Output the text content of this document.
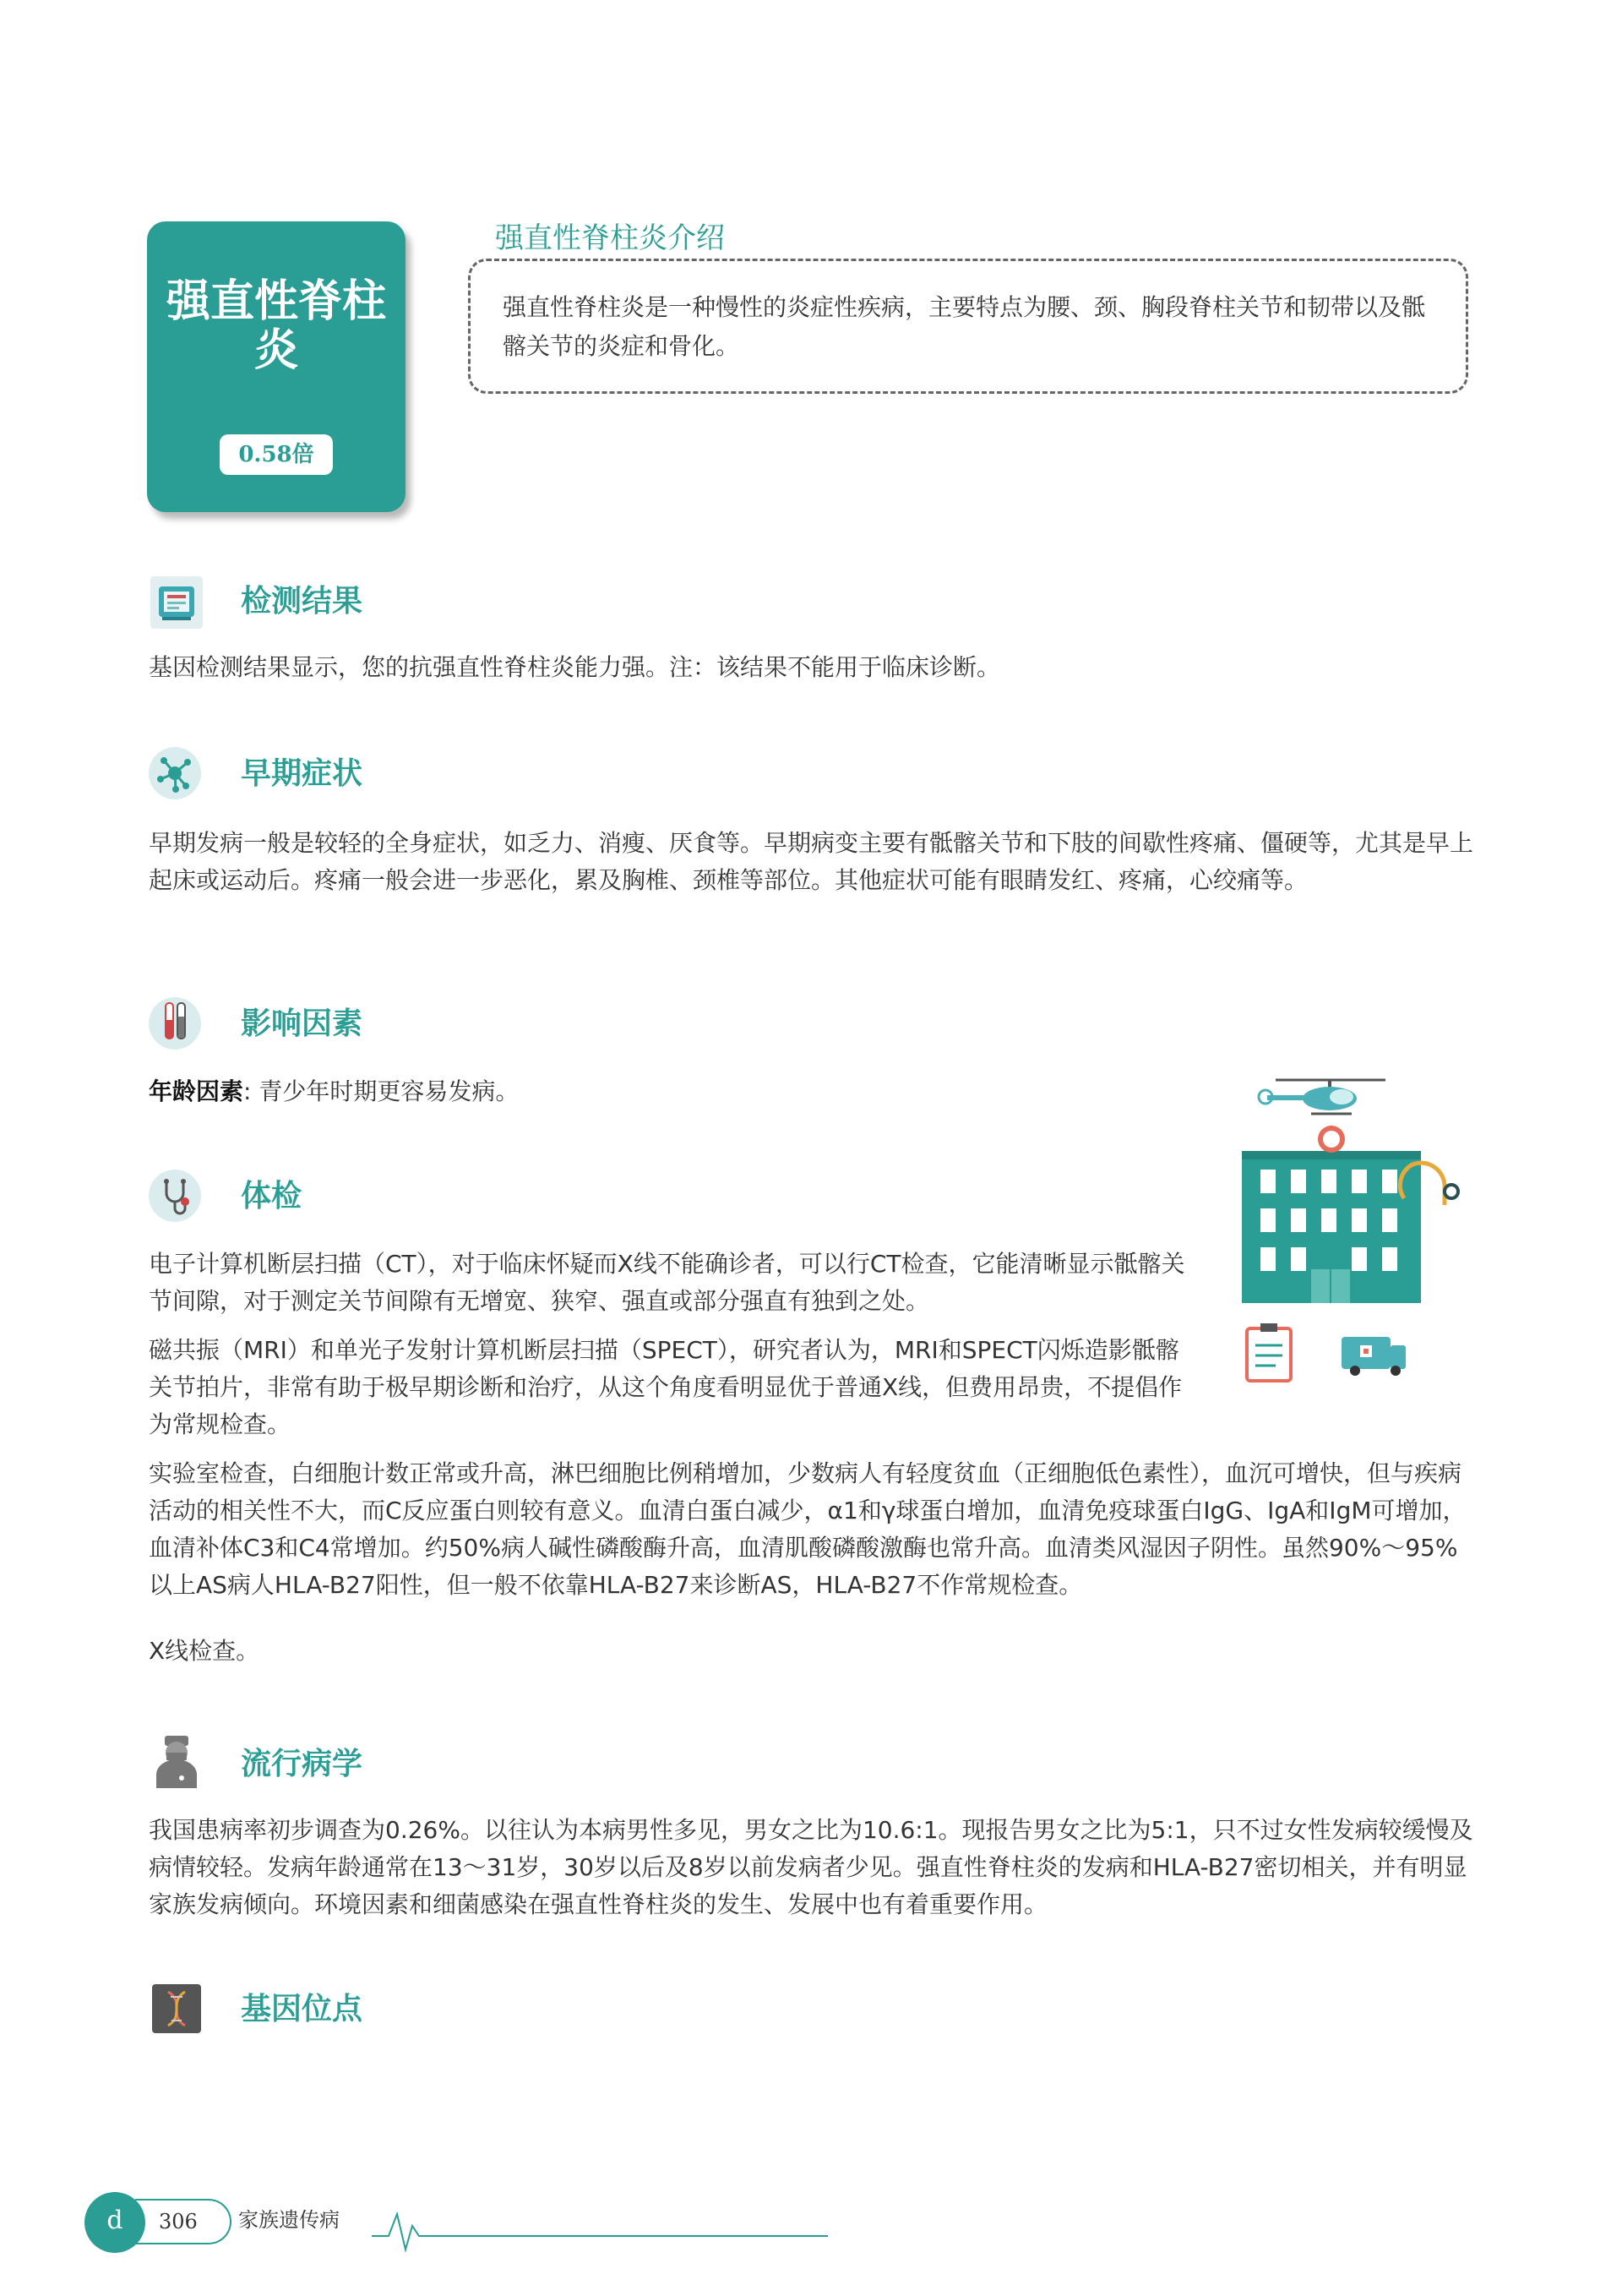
强直性脊柱炎
0.58倍
强直性脊柱炎介绍
强直性脊柱炎是一种慢性的炎症性疾病，主要特点为腰、颈、胸段脊柱关节和韧带以及骶髂关节的炎症和骨化。
检测结果
基因检测结果显示，您的抗强直性脊柱炎能力强。注：该结果不能用于临床诊断。
早期症状
早期发病一般是较轻的全身症状，如乏力、消瘦、厌食等。早期病变主要有骶髂关节和下肢的间歇性疼痛、僵硬等，尤其是早上起床或运动后。疼痛一般会进一步恶化，累及胸椎、颈椎等部位。其他症状可能有眼睛发红、疼痛，心绞痛等。
影响因素
年龄因素: 青少年时期更容易发病。
体检
电子计算机断层扫描（CT），对于临床怀疑而X线不能确诊者，可以行CT检查，它能清晰显示骶髂关节间隙，对于测定关节间隙有无增宽、狭窄、强直或部分强直有独到之处。
磁共振（MRI）和单光子发射计算机断层扫描（SPECT），研究者认为，MRI和SPECT闪烁造影骶髂关节拍片，非常有助于极早期诊断和治疗，从这个角度看明显优于普通X线，但费用昂贵，不提倡作为常规检查。
实验室检查，白细胞计数正常或升高，淋巴细胞比例稍增加，少数病人有轻度贫血（正细胞低色素性），血沉可增快，但与疾病活动的相关性不大，而C反应蛋白则较有意义。血清白蛋白减少，α1和γ球蛋白增加，血清免疫球蛋白IgG、IgA和IgM可增加，血清补体C3和C4常增加。约50%病人碱性磷酸酶升高，血清肌酸磷酸激酶也常升高。血清类风湿因子阴性。虽然90%～95%以上AS病人HLA-B27阳性，但一般不依靠HLA-B27来诊断AS，HLA-B27不作常规检查。
X线检查。
流行病学
我国患病率初步调查为0.26%。以往认为本病男性多见，男女之比为10.6:1。现报告男女之比为5:1，只不过女性发病较缓慢及病情较轻。发病年龄通常在13～31岁，30岁以后及8岁以前发病者少见。强直性脊柱炎的发病和HLA-B27密切相关，并有明显家族发病倾向。环境因素和细菌感染在强直性脊柱炎的发生、发展中也有着重要作用。
基因位点
d	306	家族遗传病
